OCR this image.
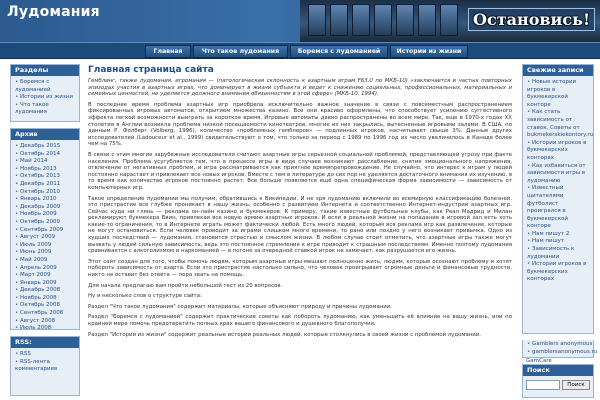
Лудомания	Остановись!
Главная	Что такое лудомания	Боремся с лудоманией	Истории из жизни
Разделы
• Боремся с лудоманией
• Истории из жизни
• Что такое лудомания
Архив
• Декабрь 2015
• Октябрь 2014
• Май 2014
• Ноябрь 2013
• Октябрь 2013
• Декабрь 2011
• Октябрь 2010
• Январь 2010
• Декабрь 2009
• Ноябрь 2009
• Октябрь 2009
• Сентябрь 2009
• Август 2009
• Июль 2009
• Июнь 2009
• Май 2009
• Апрель 2009
• Март 2009
• Январь 2009
• Декабрь 2008
• Ноябрь 2008
• Октябрь 2008
• Сентябрь 2008
• Август 2008
• Июль 2008
RSS:
• RSS
• RSS-лента комментариев
Главная страница сайта

Гемблинг, также лудомания, игромания — (патологическая склонность к азартным играм F63.0 по МКБ-10) «заключается в частых повторных эпизодах участия в азартных играх, что доминирует в жизни субъекта и ведет к снижению социальных, профессиональных, материальных и семейных ценностей, не уделяется должного внимания обязанностям в этой сфере» (МКБ-10, 1994).

В последнее время проблема азартных игр приобрела исключительно важное значение в связи с повсеместным распространением фиксированных игровых автоматов, открытием множества казино. Все они красиво оформлены, что способствует усилению суггестивного эффекта легкой возможности выиграть за короткое время. Игровые автоматы давно распространены во всем мире. Так, еще в 1970-х годах XX столетия в Англии возникла проблема низкой посещаемости кинотеатров, многие из них закрылись, вытесненные игровыми залами. В США, по данным Р. Фолберг (Volberg, 1996), количество «проблемных гемблеров» — подлинных игроков, насчитывает свыше 3%. Данные других исследователей (Ladouceur et al., 1999) свидетельствуют о том, что только за период с 1989 по 1996 год их число увеличилось в Канаде более чем на 75%.

В связи с этим многие зарубежные исследователи считают азартные игры серьезной социальной проблемой, представляющей угрозу при факте населения. Проблема усугубляется тем, что в процессе игры в виде случаев возникают расслабление, снятие эмоционального напряжения, отвлечение от негативных проблем, и игра рассматривается как приятное времяпрепровождение. Не случайно, что интерес к играм у людей постоянно нарастает и привлекает все новых игроков. Вместе с тем в литературе до сих пор не уделяется достаточного внимания их изучению, в то время как количество игроков постоянно растет. Все больше появляется ещё одна специфическая форма зависимости — зависимость от компьютерных игр.

Такое определение лудомании мы получим, обратившись к Википедии. И не зря лудоманию включили во всемирную классификацию болезней, это пристрастие все глубже проникает в нашу жизнь, особенно с развитием Интернета и соответственно Интернет-индустрии азартных игр. Сейчас куда ни глянь — реклама он-лайн казино и букмекеров. К примеру, такие известные футбольные клубы, как Реал Мадрид и Милан рекламируют букмекера Бвин, привлекая все новую армию азартных игроков. И если в реальной жизни на попадание в игровой зал есть хоть какие-то ограничения, то в Интернете играть может фактически любой. Есть много людей, которым вся реклама игр как развлечение, которые не могут остановиться. Если человек проводит за играми слишком много времени, то рано или поздно у него возникает привычка. Одно из худших последствий — лудомания, становится страстью и смыслом жизни. В любом случае стоит отметить, что азартные игры также могут вызвать у людей сильную зависимость, ведь это постоянное стремление к игре приводит к страшным последствиям. Именно поэтому лудомания сравнивается с алкоголизмом и наркоманией — в погоне за очередной ставкой игрок не замечает, как разрушается его жизнь.

Этот сайт создан для того, чтобы помочь людям, которым азартные игры мешают полноценно жить, людям, которые осознают проблему и хотят побороть зависимость от азарта. Если это пристрастие настолько сильно, что человек проигрывает огромные деньги и финансовые трудности, никто не оставит без ответа — пора звать на помощь.

Для начала предлагаю вам пройти небольшой тест из 20 вопросов.

Ну и несколько слов о структуре сайта:

Раздел "Что такое лудомания" содержит материалы, которые объясняют природу и причины лудомании.

Раздел "Боремся с лудоманией" содержит практические советы как побороть лудоманию, как уменьшить её влияние на вашу жизнь, или по крайней мере помочь предотвратить полных крах вашего финансового и душевного благополучия.

Раздел "Истории из жизни" содержит реальные истории реальных людей, которые столкнулись в своей жизни с проблемой лудомании.

Свежие записи
• Новые истории игроков в букмекерской конторе
• Как стать зависимость от ставок. Советы от bukmekerskiekontory.ru
• Истории игроков в букмекерских конторах
• Как избавиться от зависимости игры в лудоманию
• Известный щитателями футболист проигрался в букмекерской конторе
• Нам пишут 2
• Нам пишут
• Зависимость к лудомании
• Истории игроков в букмекерских конторах
• Gamblers anonymous
• gamblersanonymous.ru
GamCare
Поиск
Поиск
